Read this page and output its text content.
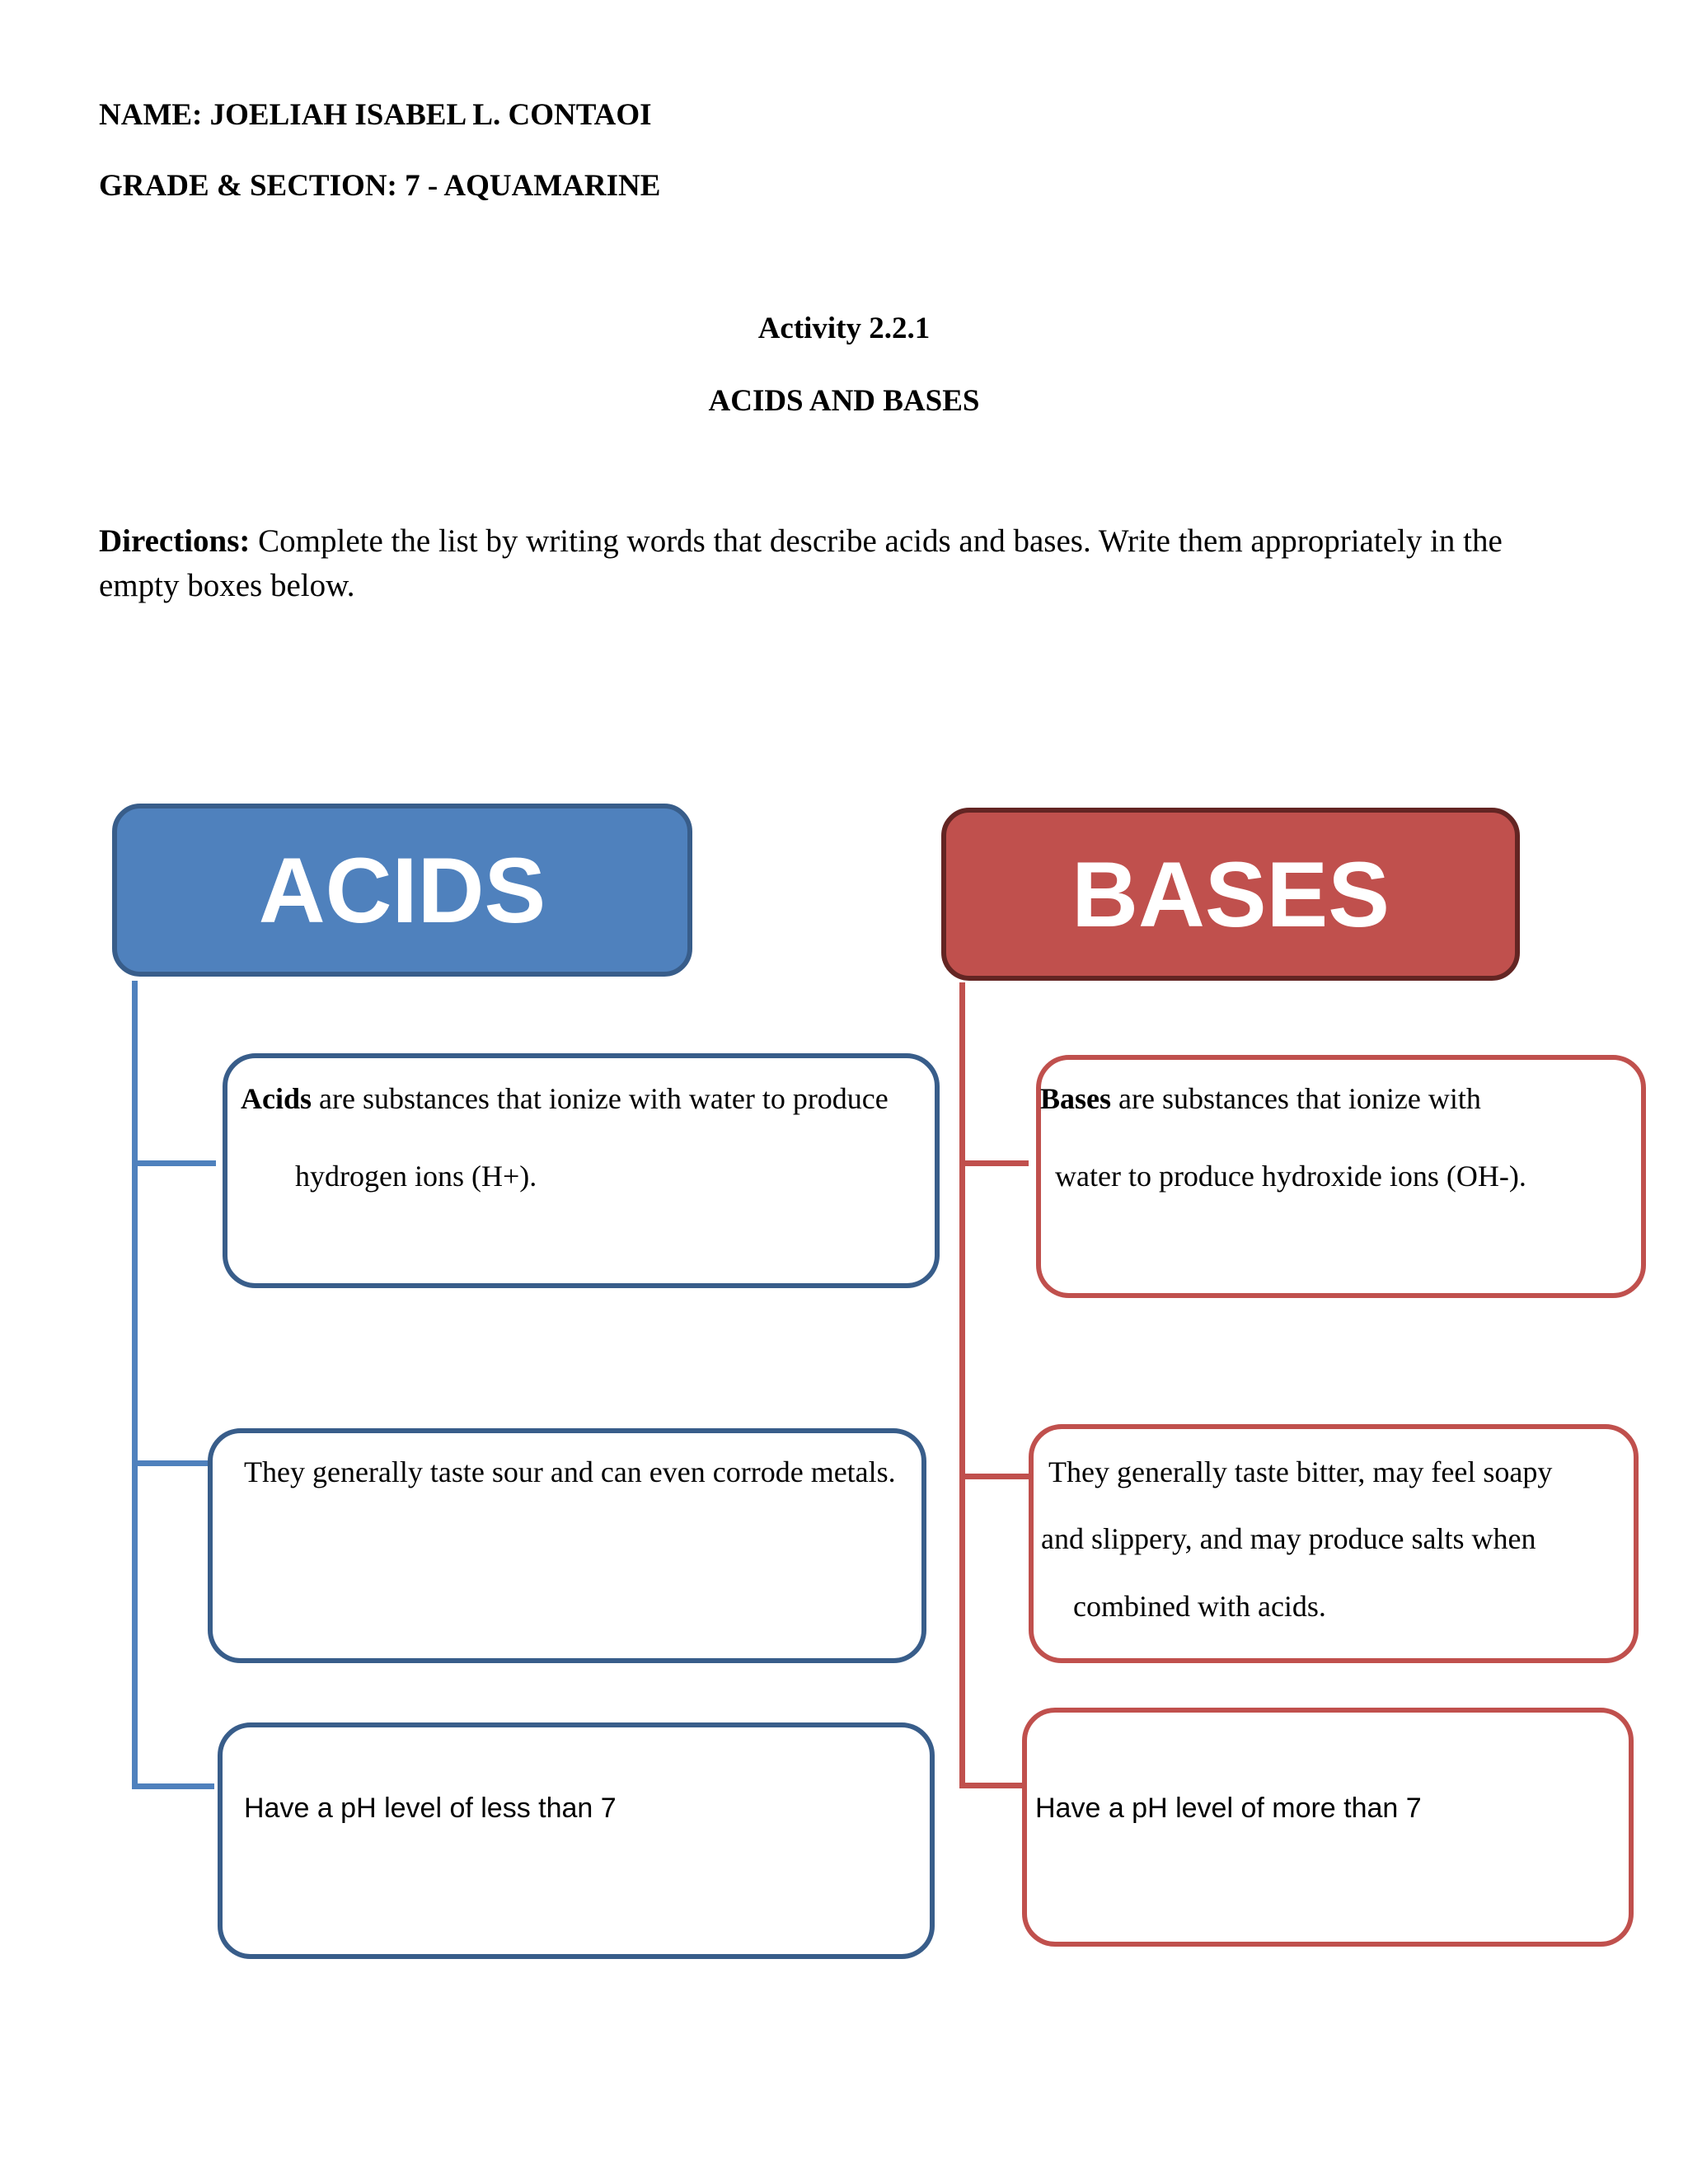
NAME: JOELIAH ISABEL L. CONTAOI
GRADE & SECTION: 7 - AQUAMARINE
Activity 2.2.1
ACIDS AND BASES
Directions: Complete the list by writing words that describe acids and bases. Write them appropriately in the empty boxes below.
ACIDS
Acids are substances that ionize with water to produce
hydrogen ions (H+).
They generally taste sour and can even corrode metals.
Have a pH level of less than 7
BASES
Bases are substances that ionize with
water to produce hydroxide ions (OH-).
They generally taste bitter, may feel soapy
and slippery, and may produce salts when
combined with acids.
Have a pH level of more than 7
